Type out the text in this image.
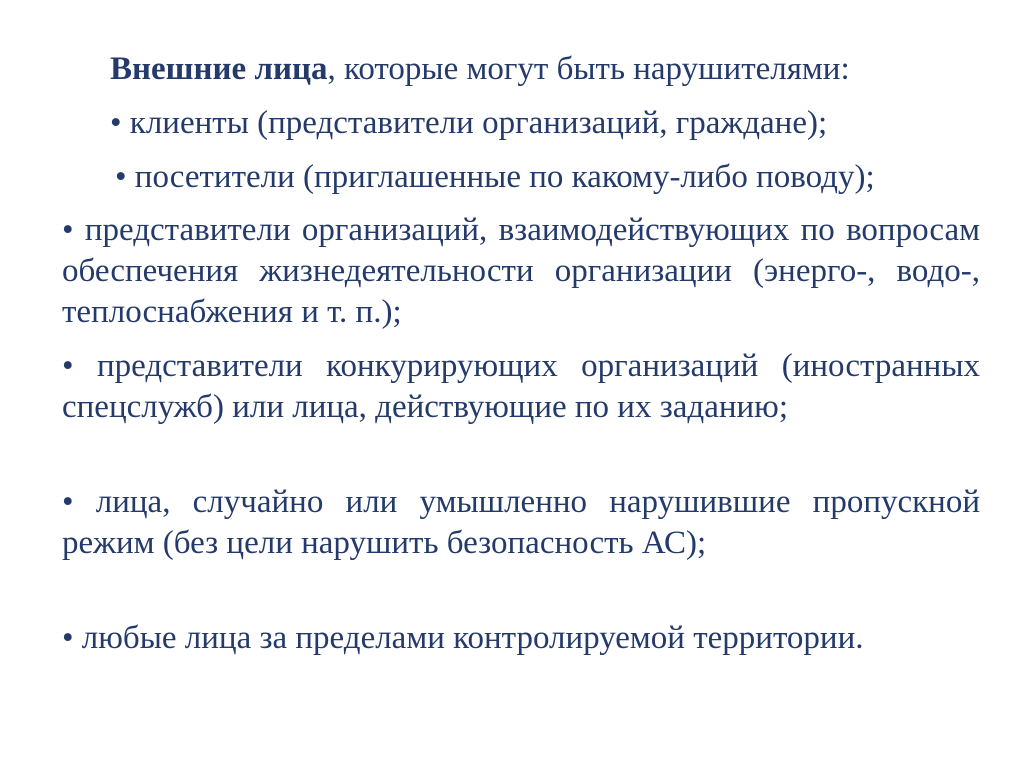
Внешние лица, которые могут быть нарушителями:
• клиенты (представители организаций, граждане);
• посетители (приглашенные по какому-либо поводу);
• представители организаций, взаимодействующих по вопросам обеспечения жизнедеятельности организации (энерго-, водо-, теплоснабжения и т. п.);
• представители конкурирующих организаций (иностранных спецслужб) или лица, действующие по их заданию;
• лица, случайно или умышленно нарушившие пропускной режим (без цели нарушить безопасность АС);
• любые лица за пределами контролируемой территории.
